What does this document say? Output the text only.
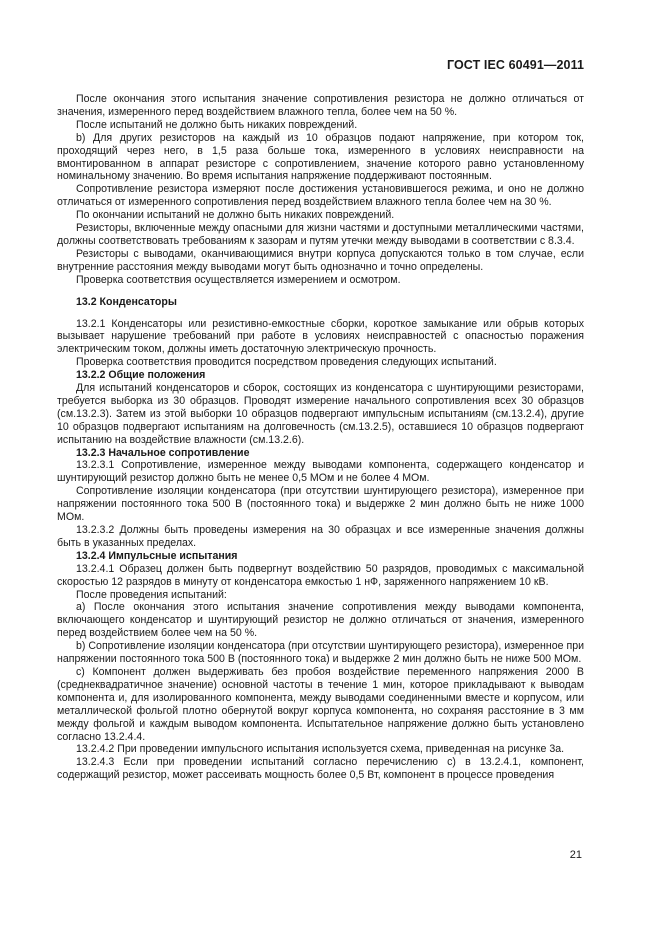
ГОСТ IEC 60491—2011

После окончания этого испытания значение сопротивления резистора не должно отличаться от значения, измеренного перед воздействием влажного тепла, более чем на 50 %.

После испытаний не должно быть никаких повреждений.

b) Для других резисторов на каждый из 10 образцов подают напряжение, при котором ток, проходящий через него, в 1,5 раза больше тока, измеренного в условиях неисправности на вмонтированном в аппарат резисторе с сопротивлением, значение которого равно установленному номинальному значению. Во время испытания напряжение поддерживают постоянным.

Сопротивление резистора измеряют после достижения установившегося режима, и оно не должно отличаться от измеренного сопротивления перед воздействием влажного тепла более чем на 30 %.

По окончании испытаний не должно быть никаких повреждений.

Резисторы, включенные между опасными для жизни частями и доступными металлическими частями, должны соответствовать требованиям к зазорам и путям утечки между выводами в соответствии с 8.3.4.

Резисторы с выводами, оканчивающимися внутри корпуса допускаются только в том случае, если внутренние расстояния между выводами могут быть однозначно и точно определены.

Проверка соответствия осуществляется измерением и осмотром.

13.2 Конденсаторы

13.2.1 Конденсаторы или резистивно-емкостные сборки, короткое замыкание или обрыв которых вызывает нарушение требований при работе в условиях неисправностей с опасностью поражения электрическим током, должны иметь достаточную электрическую прочность.

Проверка соответствия проводится посредством проведения следующих испытаний.

13.2.2 Общие положения

Для испытаний конденсаторов и сборок, состоящих из конденсатора с шунтирующими резисторами, требуется выборка из 30 образцов. Проводят измерение начального сопротивления всех 30 образцов (см.13.2.3). Затем из этой выборки 10 образцов подвергают импульсным испытаниям (см.13.2.4), другие 10 образцов подвергают испытаниям на долговечность (см.13.2.5), оставшиеся 10 образцов подвергают испытанию на воздействие влажности (см.13.2.6).

13.2.3 Начальное сопротивление

13.2.3.1 Сопротивление, измеренное между выводами компонента, содержащего конденсатор и шунтирующий резистор должно быть не менее 0,5 МОм и не более 4 МОм.

Сопротивление изоляции конденсатора (при отсутствии шунтирующего резистора), измеренное при напряжении постоянного тока 500 В (постоянного тока) и выдержке 2 мин должно быть не ниже 1000 МОм.

13.2.3.2 Должны быть проведены измерения на 30 образцах и все измеренные значения должны быть в указанных пределах.

13.2.4 Импульсные испытания

13.2.4.1 Образец должен быть подвергнут воздействию 50 разрядов, проводимых с максимальной скоростью 12 разрядов в минуту от конденсатора емкостью 1 нФ, заряженного напряжением 10 кВ.

После проведения испытаний:

a) После окончания этого испытания значение сопротивления между выводами компонента, включающего конденсатор и шунтирующий резистор не должно отличаться от значения, измеренного перед воздействием более чем на 50 %.

b) Сопротивление изоляции конденсатора (при отсутствии шунтирующего резистора), измеренное при напряжении постоянного тока 500 В (постоянного тока) и выдержке 2 мин должно быть не ниже 500 МОм.

c) Компонент должен выдерживать без пробоя воздействие переменного напряжения 2000 В (среднеквадратичное значение) основной частоты в течение 1 мин, которое прикладывают к выводам компонента и, для изолированного компонента, между выводами соединенными вместе и корпусом, или металлической фольгой плотно обернутой вокруг корпуса компонента, но сохраняя расстояние в 3 мм между фольгой и каждым выводом компонента. Испытательное напряжение должно быть установлено согласно 13.2.4.4.

13.2.4.2 При проведении импульсного испытания используется схема, приведенная на рисунке 3а.

13.2.4.3 Если при проведении испытаний согласно перечислению с) в 13.2.4.1, компонент, содержащий резистор, может рассеивать мощность более 0,5 Вт, компонент в процессе проведения

21
